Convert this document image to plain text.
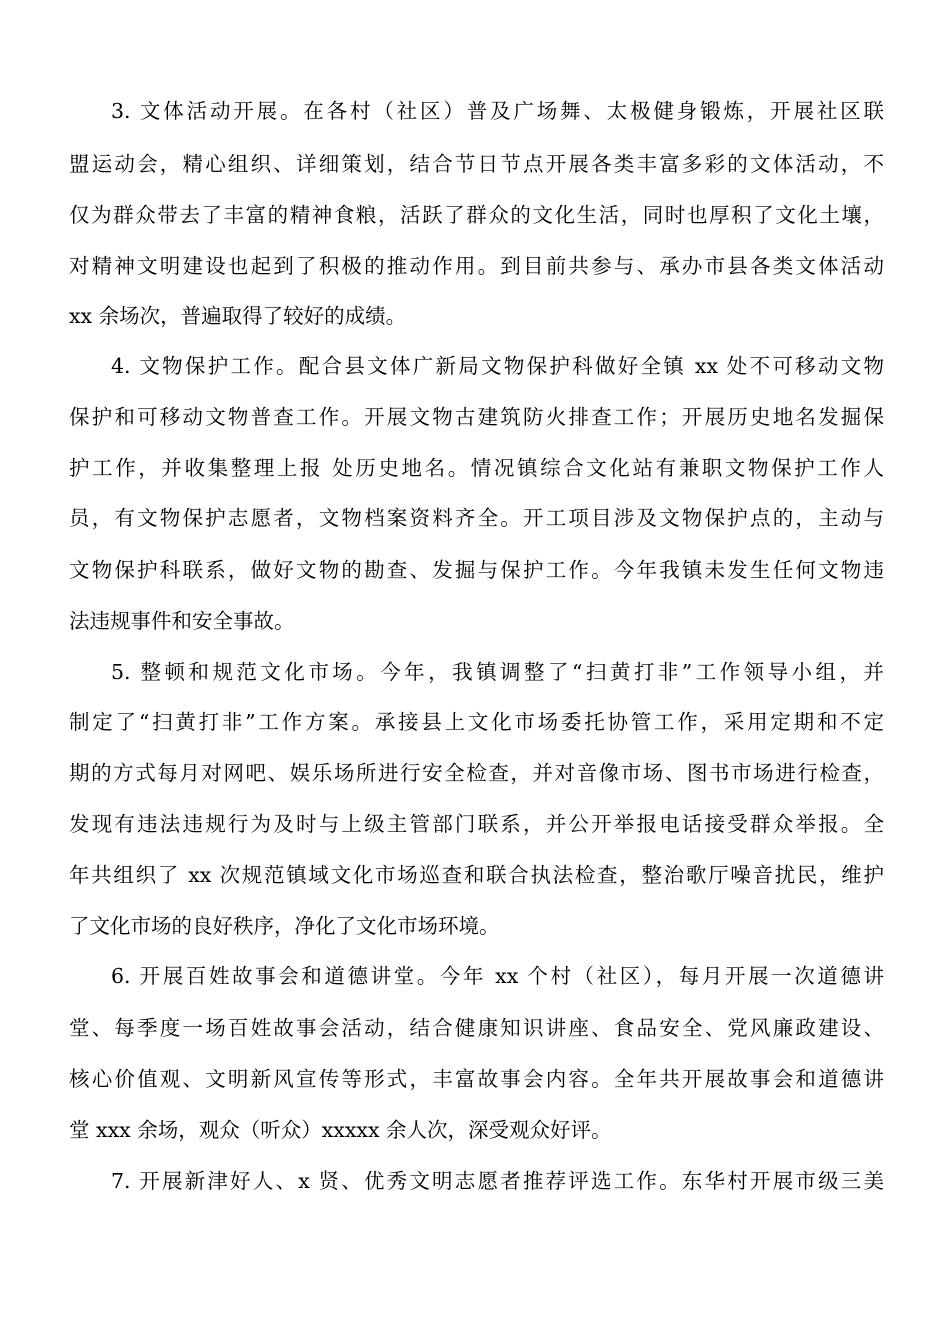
3. 文体活动开展。在各村（社区）普及广场舞、太极健身锻炼，开展社区联
盟运动会，精心组织、详细策划，结合节日节点开展各类丰富多彩的文体活动，不
仅为群众带去了丰富的精神食粮，活跃了群众的文化生活，同时也厚积了文化土壤，
对精神文明建设也起到了积极的推动作用。到目前共参与、承办市县各类文体活动
xx 余场次，普遍取得了较好的成绩。
4. 文物保护工作。配合县文体广新局文物保护科做好全镇 xx 处不可移动文物
保护和可移动文物普查工作。开展文物古建筑防火排查工作；开展历史地名发掘保
护工作，并收集整理上报 处历史地名。情况镇综合文化站有兼职文物保护工作人
员，有文物保护志愿者，文物档案资料齐全。开工项目涉及文物保护点的，主动与
文物保护科联系，做好文物的勘查、发掘与保护工作。今年我镇未发生任何文物违
法违规事件和安全事故。
5. 整顿和规范文化市场。今年，我镇调整了“扫黄打非”工作领导小组，并
制定了“扫黄打非”工作方案。承接县上文化市场委托协管工作，采用定期和不定
期的方式每月对网吧、娱乐场所进行安全检查，并对音像市场、图书市场进行检查，
发现有违法违规行为及时与上级主管部门联系，并公开举报电话接受群众举报。全
年共组织了 xx 次规范镇域文化市场巡查和联合执法检查，整治歌厅噪音扰民，维护
了文化市场的良好秩序，净化了文化市场环境。
6. 开展百姓故事会和道德讲堂。今年 xx 个村（社区），每月开展一次道德讲
堂、每季度一场百姓故事会活动，结合健康知识讲座、食品安全、党风廉政建设、
核心价值观、文明新风宣传等形式，丰富故事会内容。全年共开展故事会和道德讲
堂 xxx 余场，观众（听众）xxxxx 余人次，深受观众好评。
7. 开展新津好人、x 贤、优秀文明志愿者推荐评选工作。东华村开展市级三美
